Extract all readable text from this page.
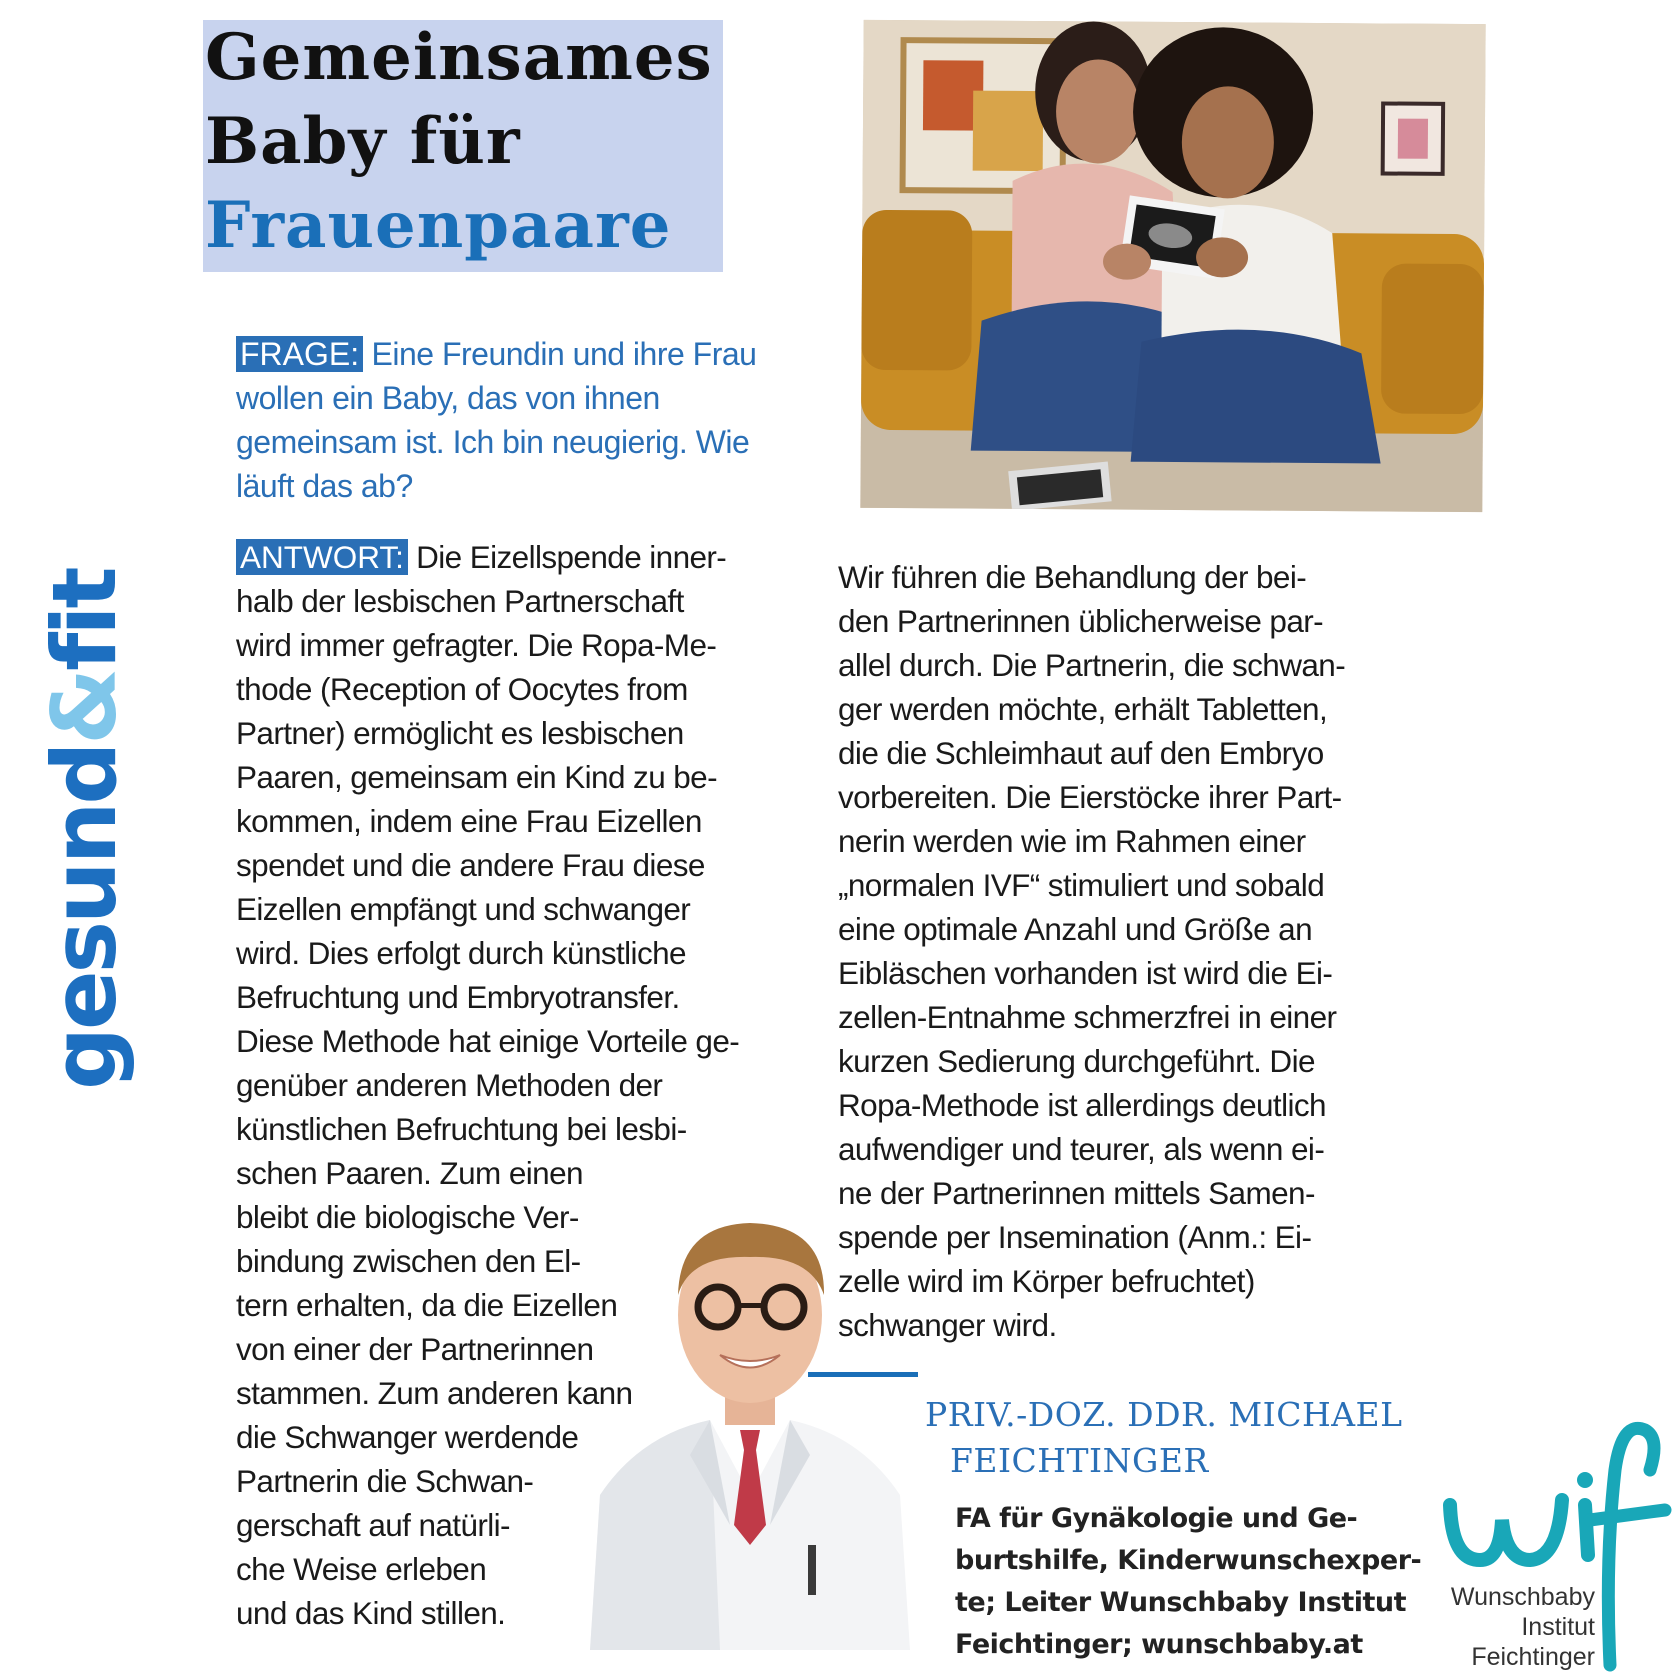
Gemeinsames
Baby für
Frauenpaare
gesund&fit
FRAGE: Eine Freundin und ihre Frau wollen ein Baby, das von ihnen gemeinsam ist. Ich bin neugierig. Wie läuft das ab?
ANTWORT: Die Eizellspende inner-
halb der lesbischen Partnerschaft
wird immer gefragter. Die Ropa-Me-
thode (Reception of Oocytes from
Partner) ermöglicht es lesbischen
Paaren, gemeinsam ein Kind zu be-
kommen, indem eine Frau Eizellen
spendet und die andere Frau diese
Eizellen empfängt und schwanger
wird. Dies erfolgt durch künstliche
Befruchtung und Embryotransfer.
Diese Methode hat einige Vorteile ge-
genüber anderen Methoden der
künstlichen Befruchtung bei lesbi-
schen Paaren. Zum einen
bleibt die biologische Ver-
bindung zwischen den El-
tern erhalten, da die Eizellen
von einer der Partnerinnen
stammen. Zum anderen kann
die Schwanger werdende
Partnerin die Schwan-
gerschaft auf natürli-
che Weise erleben
und das Kind stillen.
Wir führen die Behandlung der bei-
den Partnerinnen üblicherweise par-
allel durch. Die Partnerin, die schwan-
ger werden möchte, erhält Tabletten,
die die Schleimhaut auf den Embryo
vorbereiten. Die Eierstöcke ihrer Part-
nerin werden wie im Rahmen einer
„normalen IVF“ stimuliert und sobald
eine optimale Anzahl und Größe an
Eibläschen vorhanden ist wird die Ei-
zellen-Entnahme schmerzfrei in einer
kurzen Sedierung durchgeführt. Die
Ropa-Methode ist allerdings deutlich
aufwendiger und teurer, als wenn ei-
ne der Partnerinnen mittels Samen-
spende per Insemination (Anm.: Ei-
zelle wird im Körper befruchtet)
schwanger wird.
PRIV.-DOZ. DDR. MICHAEL
FEICHTINGER
FA für Gynäkologie und Ge-
burtshilfe, Kinderwunschexper-
te; Leiter Wunschbaby Institut
Feichtinger; wunschbaby.at
Wunschbaby
Institut
Feichtinger
